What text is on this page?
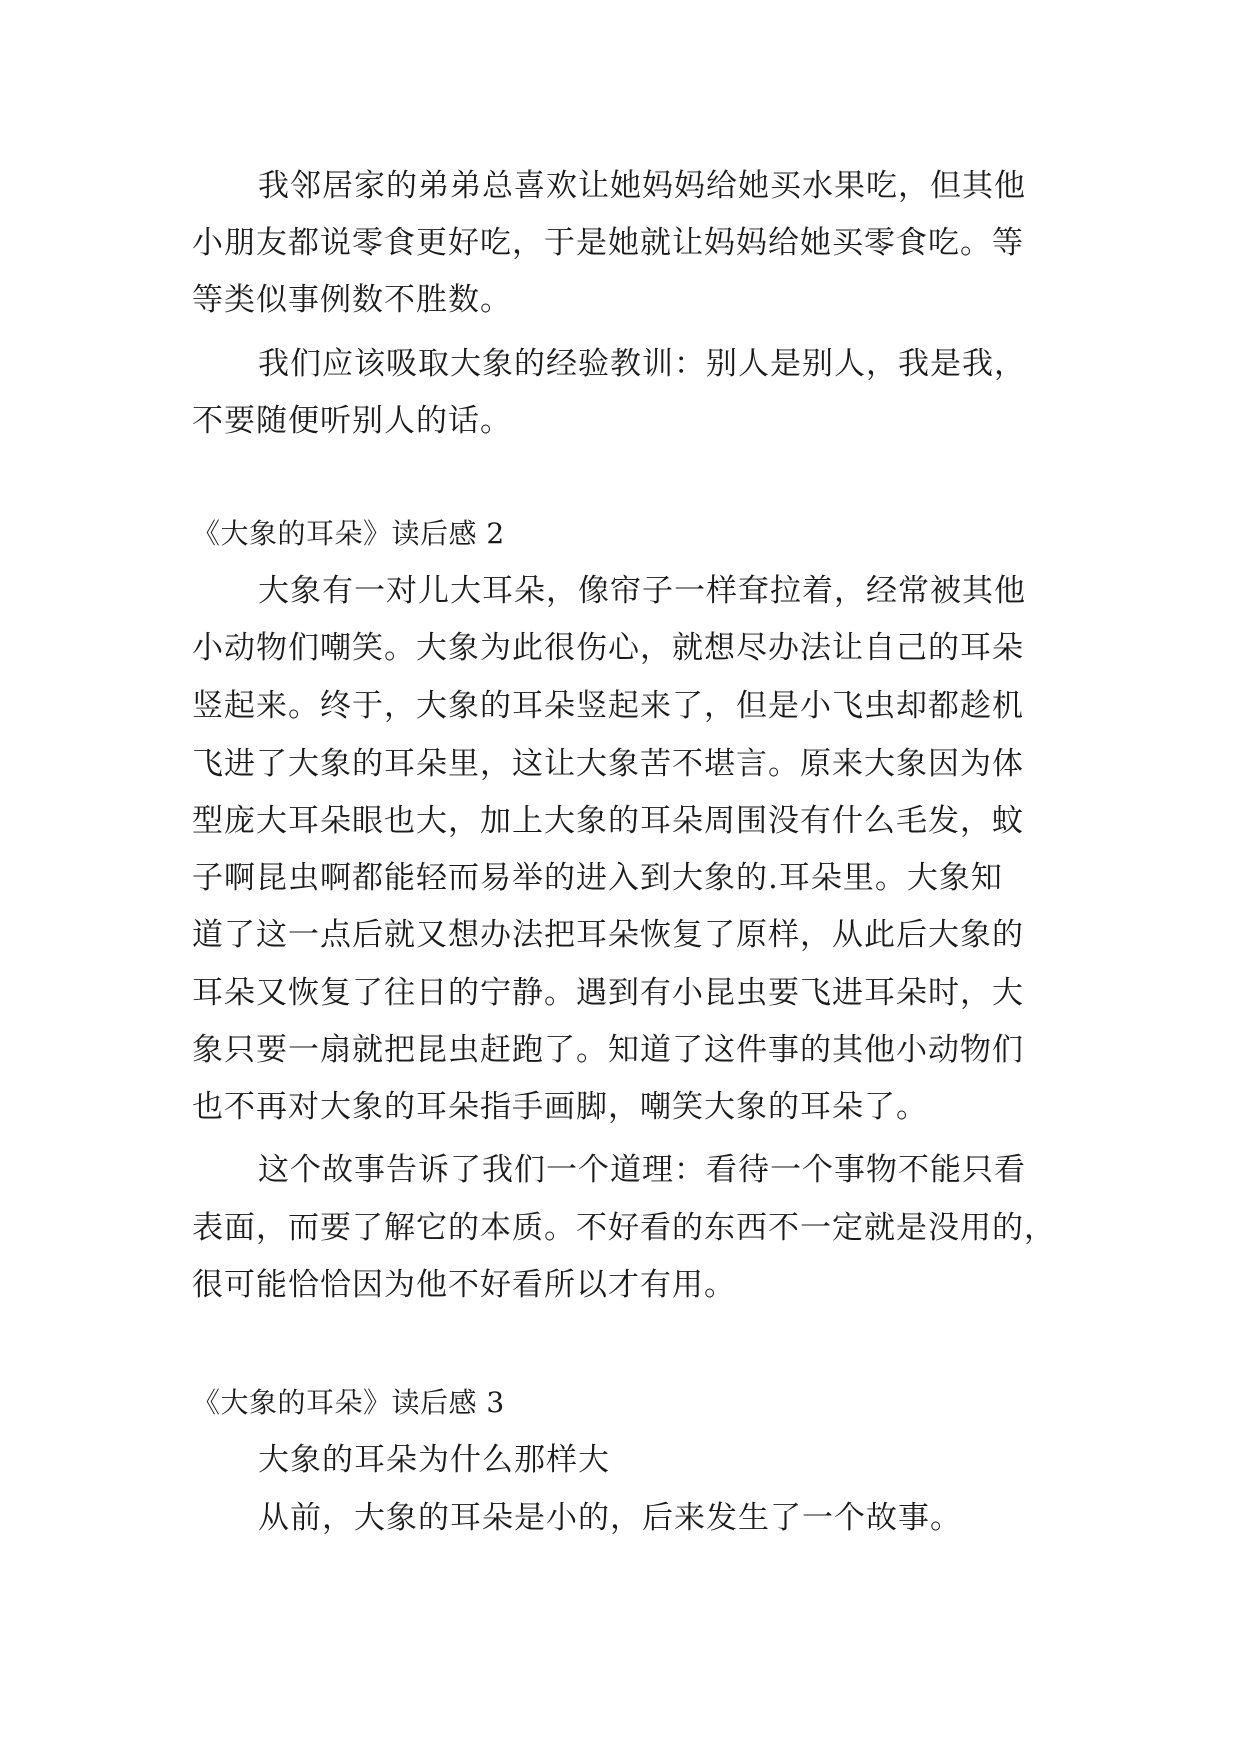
我邻居家的弟弟总喜欢让她妈妈给她买水果吃，但其他
小朋友都说零食更好吃，于是她就让妈妈给她买零食吃。等
等类似事例数不胜数。
我们应该吸取大象的经验教训：别人是别人，我是我，
不要随便听别人的话。
《大象的耳朵》读后感 2
大象有一对儿大耳朵，像帘子一样耷拉着，经常被其他
小动物们嘲笑。大象为此很伤心，就想尽办法让自己的耳朵
竖起来。终于，大象的耳朵竖起来了，但是小飞虫却都趁机
飞进了大象的耳朵里，这让大象苦不堪言。原来大象因为体
型庞大耳朵眼也大，加上大象的耳朵周围没有什么毛发，蚊
子啊昆虫啊都能轻而易举的进入到大象的.耳朵里。大象知
道了这一点后就又想办法把耳朵恢复了原样，从此后大象的
耳朵又恢复了往日的宁静。遇到有小昆虫要飞进耳朵时，大
象只要一扇就把昆虫赶跑了。知道了这件事的其他小动物们
也不再对大象的耳朵指手画脚，嘲笑大象的耳朵了。
这个故事告诉了我们一个道理：看待一个事物不能只看
表面，而要了解它的本质。不好看的东西不一定就是没用的，
很可能恰恰因为他不好看所以才有用。
《大象的耳朵》读后感 3
大象的耳朵为什么那样大
从前，大象的耳朵是小的，后来发生了一个故事。
